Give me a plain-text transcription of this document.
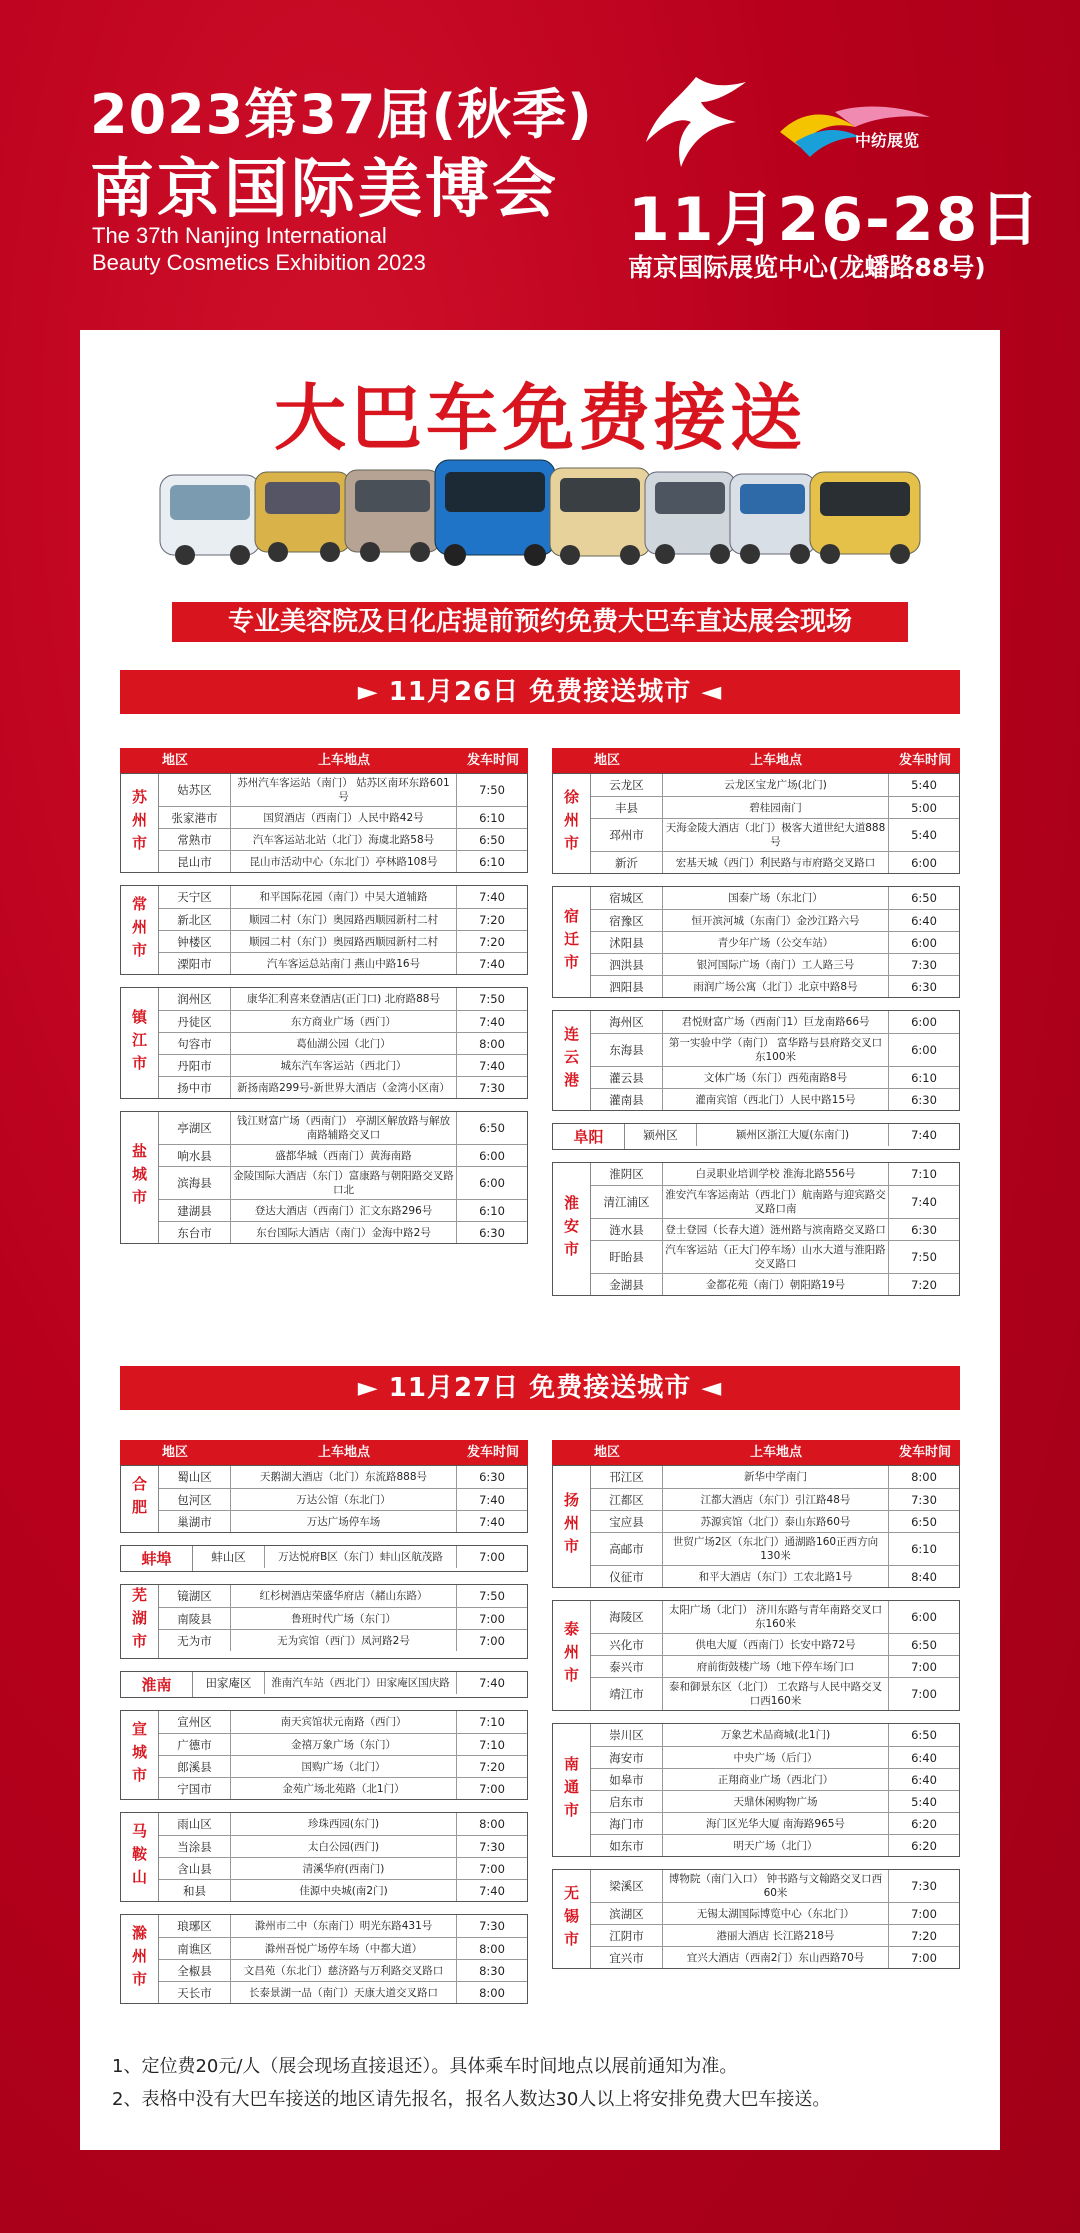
2023第37届(秋季)
南京国际美博会
The 37th Nanjing International
Beauty Cosmetics Exhibition 2023
中纺展览
11月26-28日
南京国际展览中心(龙蟠路88号)
大巴车免费接送
专业美容院及日化店提前预约免费大巴车直达展会现场
► 11月26日 免费接送城市 ◄
地区	上车地点	发车时间
苏州市	姑苏区	苏州汽车客运站（南门） 姑苏区南环东路601号	7:50
张家港市	国贸酒店（西南门）人民中路42号	6:10
常熟市	汽车客运站北站（北门）海虞北路58号	6:50
昆山市	昆山市活动中心（东北门）亭林路108号	6:10
常州市	天宁区	和平国际花园（南门）中吴大道辅路	7:40
新北区	顺园二村（东门）奥园路西顺园新村二村	7:20
钟楼区	顺园二村（东门）奥园路西顺园新村二村	7:20
溧阳市	汽车客运总站南门 燕山中路16号	7:40
镇江市
润州区	康华汇利喜来登酒店(正门口) 北府路88号	7:50
丹徒区	东方商业广场（西门）	7:40
句容市	葛仙湖公园（北门）	8:00
丹阳市	城东汽车客运站（西北门）	7:40
扬中市	新扬南路299号-新世界大酒店（金湾小区南）	7:30
盐城市
亭湖区	钱江财富广场（西南门） 亭湖区解放路与解放南路辅路交叉口	6:50
响水县	盛都华城（西南门）黄海南路	6:00
滨海县	金陵国际大酒店（东门）富康路与朝阳路交叉路口北	6:00
建湖县	登达大酒店（西南门）汇文东路296号	6:10
东台市	东台国际大酒店（南门）金海中路2号	6:30
地区	上车地点	发车时间
徐州市
云龙区	云龙区宝龙广场(北门)	5:40
丰县	碧桂园南门	5:00
邳州市	天海金陵大酒店（北门）极客大道世纪大道888号	5:40
新沂	宏基天城（西门）利民路与市府路交叉路口	6:00
宿迁市
宿城区	国泰广场（东北门）	6:50
宿豫区	恒开滨河城（东南门）金沙江路六号	6:40
沭阳县	青少年广场（公交车站）	6:00
泗洪县	银河国际广场（南门）工人路三号	7:30
泗阳县	雨润广场公寓（北门）北京中路8号	6:30
连云港
海州区	君悦财富广场（西南门1）巨龙南路66号	6:00
东海县	第一实验中学（南门） 富华路与县府路交叉口东100米	6:00
灌云县	文体广场（东门）西苑南路8号	6:10
灌南县	灌南宾馆（西北门）人民中路15号	6:30
阜阳	颍州区	颍州区浙江大厦(东南门)	7:40
淮安市
淮阴区	白灵职业培训学校 淮海北路556号	7:10
清江浦区	淮安汽车客运南站（西北门）航南路与迎宾路交叉路口南	7:40
涟水县	登士登园（长春大道）涟州路与滨南路交叉路口	6:30
盱眙县	汽车客运站（正大门停车场）山水大道与淮阳路交叉路口	7:50
金湖县	金都花苑（南门）朝阳路19号	7:20
► 11月27日 免费接送城市 ◄
地区	上车地点	发车时间
合肥	蜀山区	天鹅湖大酒店（北门）东流路888号	6:30
包河区	万达公馆（东北门）	7:40
巢湖市	万达广场停车场	7:40
蚌埠	蚌山区	万达悦府B区（东门）蚌山区航茂路	7:00
芜湖市	镜湖区	红杉树酒店荣盛华府店（赭山东路）	7:50
南陵县	鲁班时代广场（东门）	7:00
无为市	无为宾馆（西门）凤河路2号	7:00
淮南	田家庵区	淮南汽车站（西北门）田家庵区国庆路	7:40
宣城市	宣州区	南天宾馆状元南路（西门）	7:10
广德市	金禧万象广场（东门）	7:10
郎溪县	国购广场（北门）	7:20
宁国市	金苑广场北苑路（北1门）	7:00
马鞍山	雨山区	珍珠西园(东门)	8:00
当涂县	太白公园(西门)	7:30
含山县	清溪华府(西南门)	7:00
和县	佳源中央城(南2门)	7:40
滁州市	琅琊区	滁州市二中（东南门）明光东路431号	7:30
南谯区	滁州吾悦广场停车场（中都大道）	8:00
全椒县	文昌苑（东北门）慈济路与万利路交叉路口	8:30
天长市	长泰景湖一品（南门）天康大道交叉路口	8:00
地区	上车地点	发车时间
扬州市
邗江区	新华中学南门	8:00
江都区	江都大酒店（东门）引江路48号	7:30
宝应县	苏源宾馆（北门）泰山东路60号	6:50
高邮市	世贸广场2区（东北门）通湖路160正西方向130米	6:10
仪征市	和平大酒店（东门）工农北路1号	8:40
泰州市
海陵区	太阳广场（北门） 济川东路与青年南路交叉口东160米	6:00
兴化市	供电大厦（西南门）长安中路72号	6:50
泰兴市	府前街鼓楼广场（地下停车场门口	7:00
靖江市	泰和御景东区（北门） 工农路与人民中路交叉口西160米	7:00
南通市
崇川区	万象艺术品商城(北1门)	6:50
海安市	中央广场（后门）	6:40
如皋市	正翔商业广场（西北门）	6:40
启东市	天鼎休闲购物广场	5:40
海门市	海门区光华大厦 南海路965号	6:20
如东市	明天广场（北门）	6:20
无锡市	梁溪区	博物院（南门入口） 钟书路与文翰路交叉口西60米	7:30
滨湖区	无锡太湖国际博览中心（东北门）	7:00
江阴市	港丽大酒店 长江路218号	7:20
宜兴市	宜兴大酒店（西南2门）东山西路70号	7:00
1、定位费20元/人（展会现场直接退还）。具体乘车时间地点以展前通知为准。
2、表格中没有大巴车接送的地区请先报名，报名人数达30人以上将安排免费大巴车接送。
